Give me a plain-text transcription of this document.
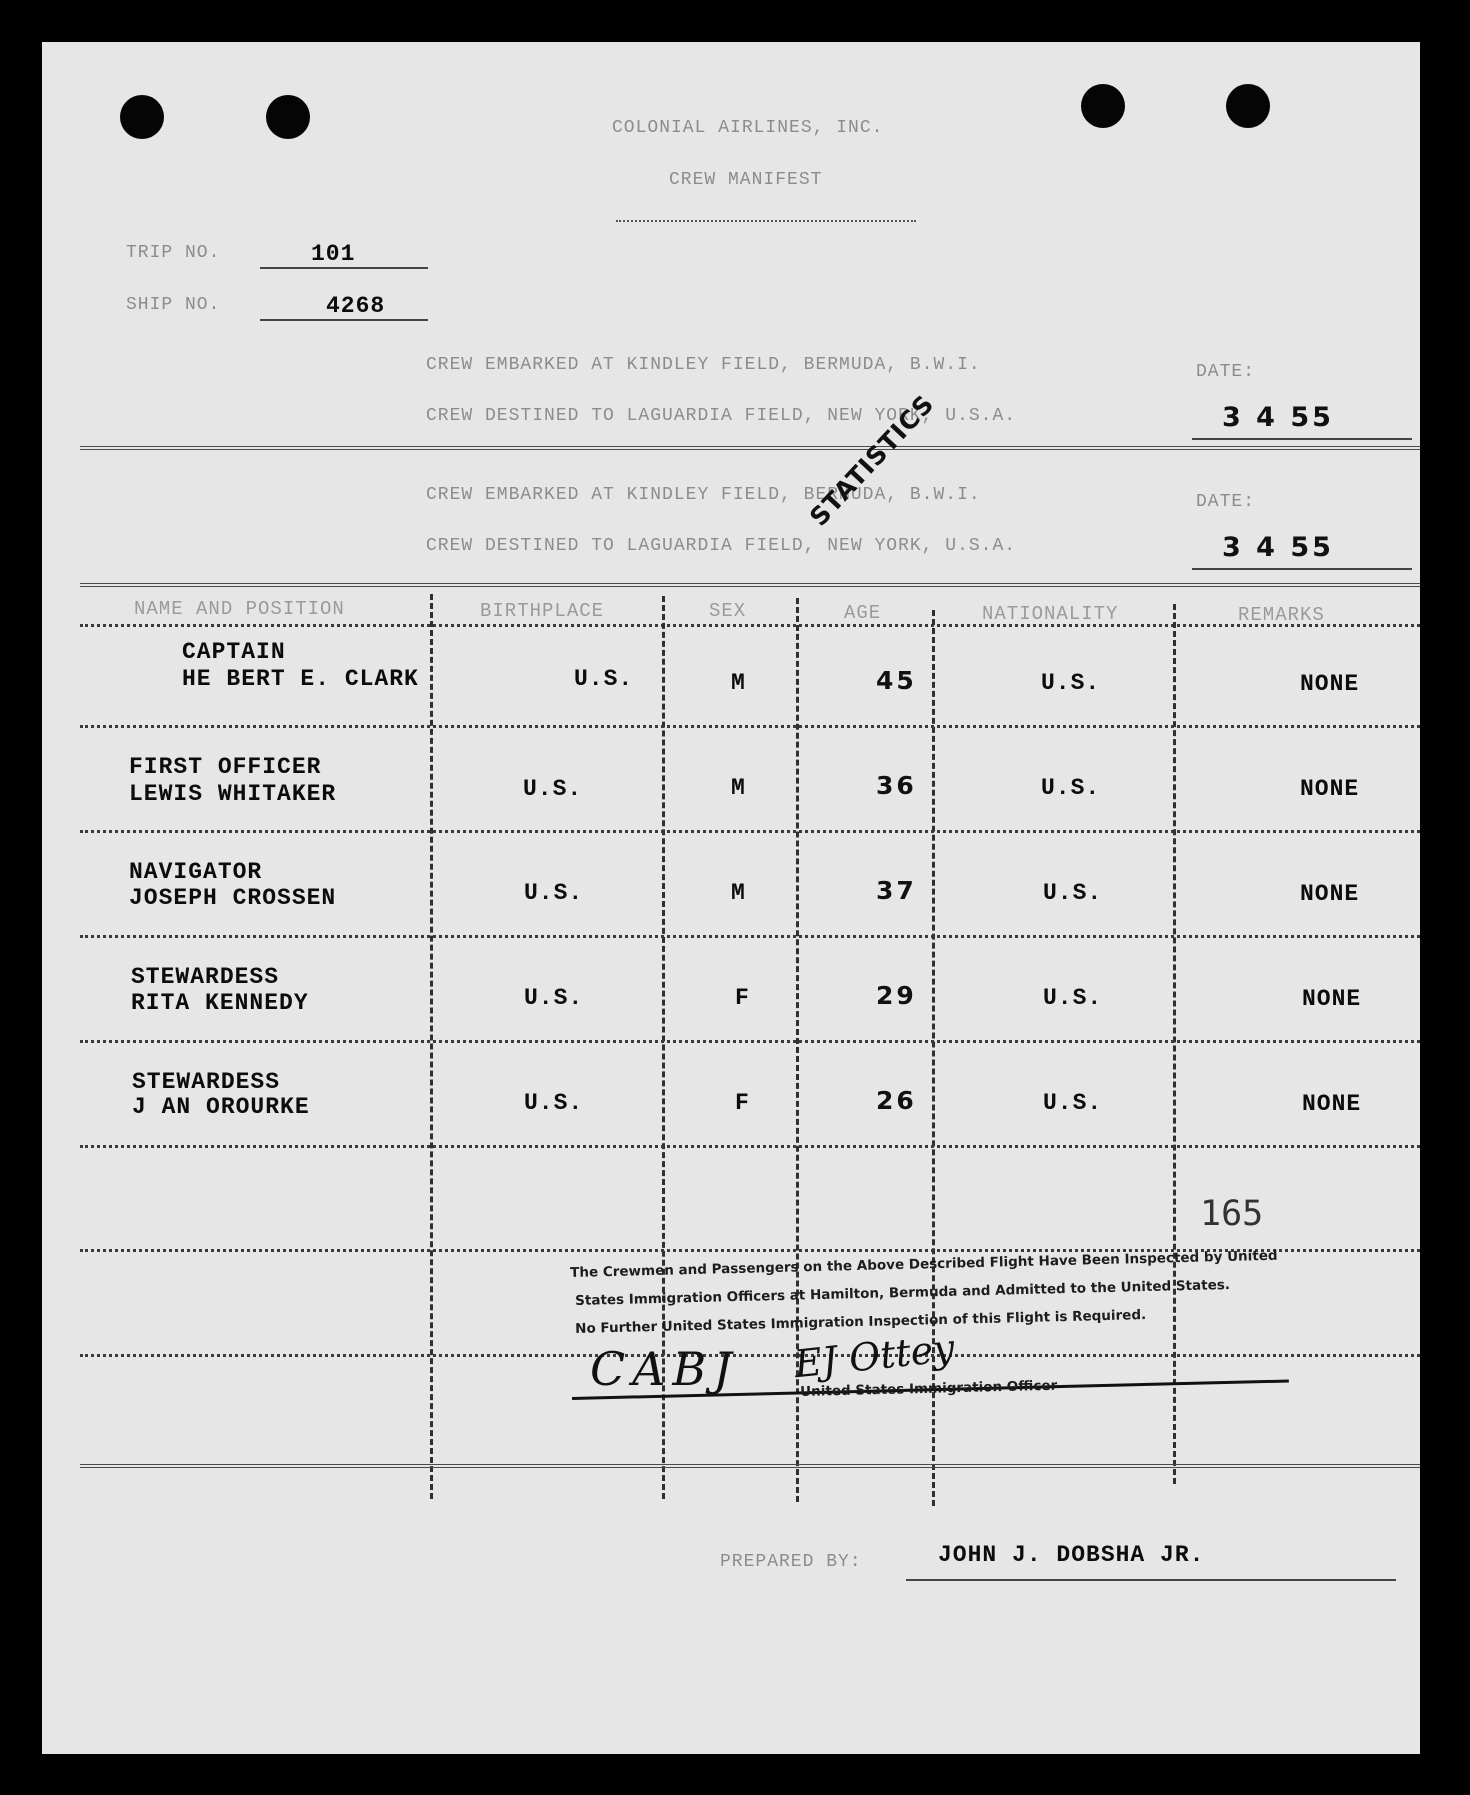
COLONIAL AIRLINES, INC.
CREW MANIFEST
TRIP NO.	101
SHIP NO.	4268
CREW EMBARKED AT KINDLEY FIELD, BERMUDA, B.W.I.	DATE:
CREW DESTINED TO LAGUARDIA FIELD, NEW YORK, U.S.A.	3 4 55
CREW EMBARKED AT KINDLEY FIELD, BERMUDA, B.W.I.	DATE:
CREW DESTINED TO LAGUARDIA FIELD, NEW YORK, U.S.A.	3 4 55
STATISTICS
NAME AND POSITION	BIRTHPLACE	SEX	AGE	NATIONALITY	REMARKS
CAPTAIN
HE BERT E. CLARK	U.S.	M	45	U.S.	NONE
FIRST OFFICER
LEWIS WHITAKER	U.S.	M	36	U.S.	NONE
NAVIGATOR
JOSEPH CROSSEN	U.S.	M	37	U.S.	NONE
STEWARDESS
RITA KENNEDY	U.S.	F	29	U.S.	NONE
STEWARDESS
J AN OROURKE	U.S.	F	26	U.S.	NONE
165
The Crewmen and Passengers on the Above Described Flight Have Been Inspected by United
States Immigration Officers at Hamilton, Bermuda and Admitted to the United States.
No Further United States Immigration Inspection of this Flight is Required.
CABJ EJ Ottey
United States Immigration Officer
PREPARED BY:	JOHN J. DOBSHA JR.
